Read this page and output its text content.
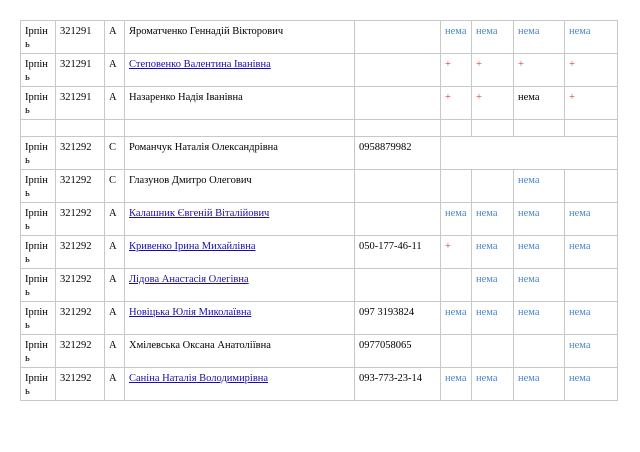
Ірпінь	321291	А	Яроматченко Геннадій Вікторович		нема	нема	нема	нема
Ірпінь	321291	А	Степовенко Валентина Іванівна		+	+	+	+
Ірпінь	321291	А	Назаренко Надія Іванівна		+	+	нема	+

Ірпінь	321292	С	Романчук Наталія Олександрівна	0958879982				
Ірпінь	321292	С	Глазунов Дмитро Олегович				нема	
Ірпінь	321292	А	Калашник Євгеній Віталійович		нема	нема	нема	нема
Ірпінь	321292	А	Кривенко Ірина Михайлівна	050-177-46-11	+	нема	нема	нема
Ірпінь	321292	А	Лідова Анастасія Олегівна			нема	нема	
Ірпінь	321292	А	Новіцька Юлія Миколаївна	097 3193824	нема	нема	нема	нема
Ірпінь	321292	А	Хмілевська Оксана Анатоліївна	0977058065				нема
Ірпінь	321292	А	Саніна Наталія Володимирівна	093-773-23-14	нема	нема	нема	нема
